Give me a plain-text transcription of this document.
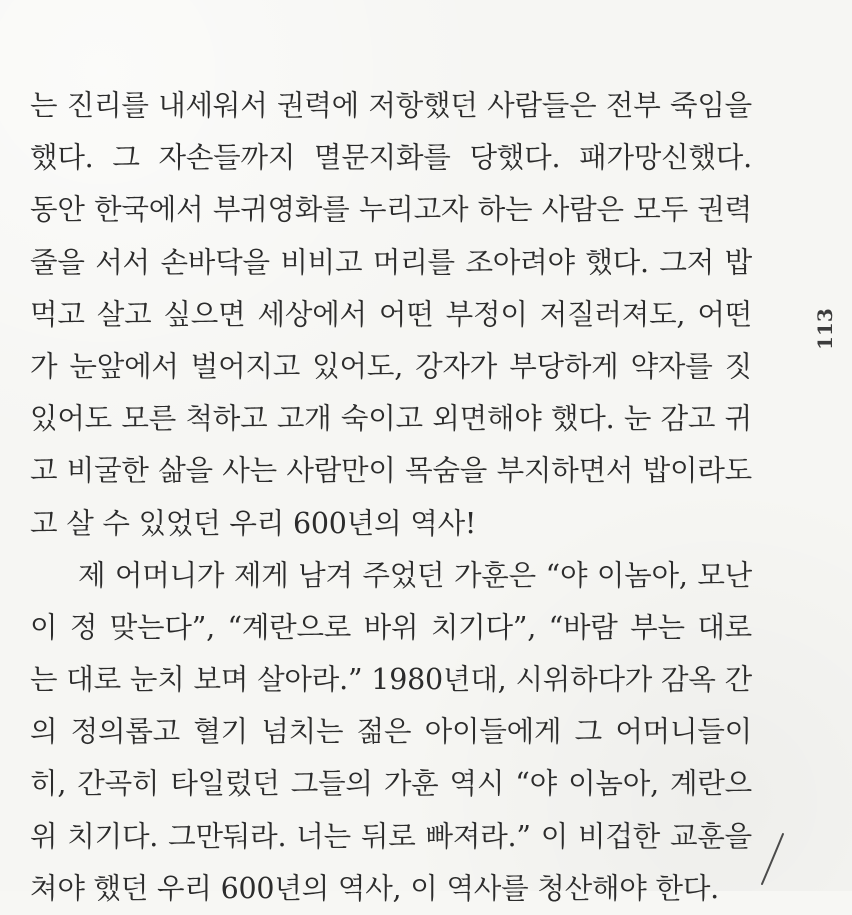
는 진리를 내세워서 권력에 저항했던 사람들은 전부 죽임을
했다. 그 자손들까지 멸문지화를 당했다. 패가망신했다.
동안 한국에서 부귀영화를 누리고자 하는 사람은 모두 권력
줄을 서서 손바닥을 비비고 머리를 조아려야 했다. 그저 밥
먹고 살고 싶으면 세상에서 어떤 부정이 저질러져도, 어떤
가 눈앞에서 벌어지고 있어도, 강자가 부당하게 약자를 짓
있어도 모른 척하고 고개 숙이고 외면해야 했다. 눈 감고 귀
고 비굴한 삶을 사는 사람만이 목숨을 부지하면서 밥이라도
고 살 수 있었던 우리 600년의 역사!
제 어머니가 제게 남겨 주었던 가훈은 “야 이놈아, 모난
이 정 맞는다”, “계란으로 바위 치기다”, “바람 부는 대로
는 대로 눈치 보며 살아라.” 1980년대, 시위하다가 감옥 간
의 정의롭고 혈기 넘치는 젊은 아이들에게 그 어머니들이
히, 간곡히 타일렀던 그들의 가훈 역시 “야 이놈아, 계란으
위 치기다. 그만둬라. 너는 뒤로 빠져라.” 이 비겁한 교훈을
쳐야 했던 우리 600년의 역사, 이 역사를 청산해야 한다.
113
